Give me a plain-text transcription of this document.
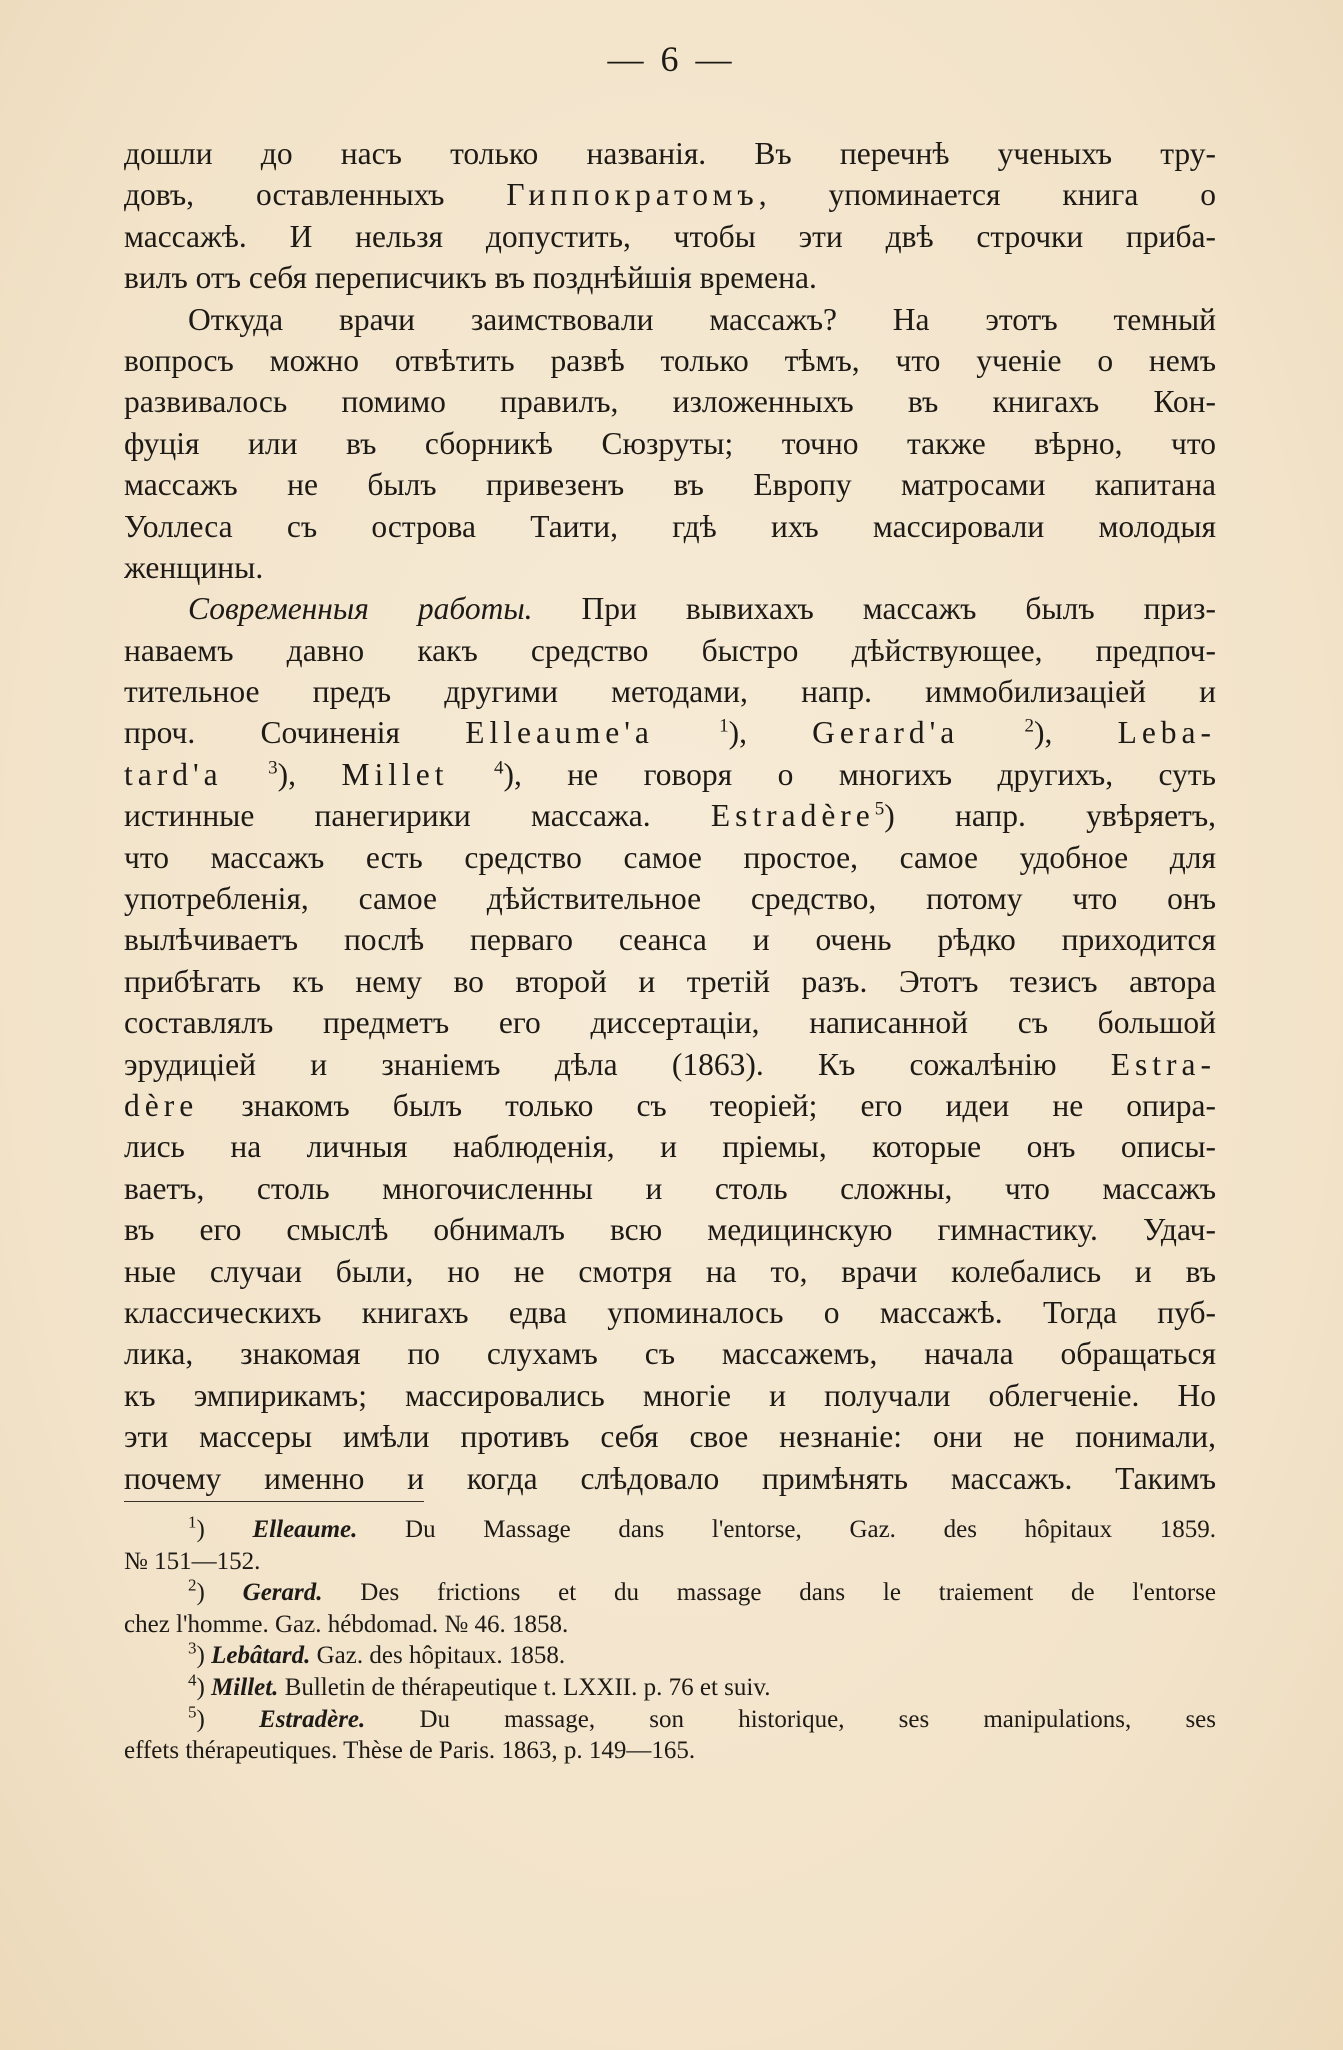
— 6 —
дошли до насъ только названія. Въ перечнѣ ученыхъ тру-
довъ, оставленныхъ Гиппократомъ, упоминается книга о
массажѣ. И нельзя допустить, чтобы эти двѣ строчки приба-
вилъ отъ себя переписчикъ въ позднѣйшія времена.
Откуда врачи заимствовали массажъ? На этотъ темный
вопросъ можно отвѣтить развѣ только тѣмъ, что ученіе о немъ
развивалось помимо правилъ, изложенныхъ въ книгахъ Кон-
фуція или въ сборникѣ Сюзруты; точно также вѣрно, что
массажъ не былъ привезенъ въ Европу матросами капитана
Уоллеса съ острова Таити, гдѣ ихъ массировали молодыя
женщины.
Современныя работы. При вывихахъ массажъ былъ приз-
наваемъ давно какъ средство быстро дѣйствующее, предпоч-
тительное предъ другими методами, напр. иммобилизаціей и
проч. Сочиненія Elleaume'a	$^1$), Gerard'a	$^2$), Leba-
tard'a $^3$), Millet $^4$), не говоря о многихъ другихъ, суть
истинные панегирики массажа. Estradère$^5$) напр. увѣряетъ,
что массажъ есть средство самое простое, самое удобное для
употребленія, самое дѣйствительное средство, потому что онъ
вылѣчиваетъ послѣ перваго сеанса и очень рѣдко приходится
прибѣгать къ нему во второй и третій разъ. Этотъ тезисъ автора
составлялъ предметъ его диссертаціи, написанной съ большой
эрудиціей и знаніемъ дѣла (1863). Къ сожалѣнію Estra-
dère знакомъ былъ только съ теоріей; его идеи не опира-
лись на личныя наблюденія, и пріемы, которые онъ описы-
ваетъ, столь многочисленны и столь сложны, что массажъ
въ его смыслѣ обнималъ всю медицинскую гимнастику. Удач-
ные случаи были, но не смотря на то, врачи колебались и въ
классическихъ книгахъ едва упоминалось о массажѣ. Тогда пуб-
лика, знакомая по слухамъ съ массажемъ, начала обращаться
къ эмпирикамъ; массировались многіе и получали облегченіе. Но
эти массеры имѣли противъ себя свое незнаніе: они не понимали,
почему именно и когда слѣдовало примѣнять массажъ. Такимъ
$^1$) Elleaume. Du Massage dans l'entorse, Gaz. des hôpitaux 1859.
№ 151—152.
$^2$) Gerard. Des frictions et du massage dans le traiement de l'entorse
chez l'homme. Gaz. hébdomad. № 46. 1858.
$^3$) Lebâtard. Gaz. des hôpitaux. 1858.
$^4$) Millet. Bulletin de thérapeutique t. LXXII. p. 76 et suiv.
$^5$) Estradère. Du massage, son historique, ses manipulations, ses
effets thérapeutiques. Thèse de Paris. 1863, p. 149—165.
